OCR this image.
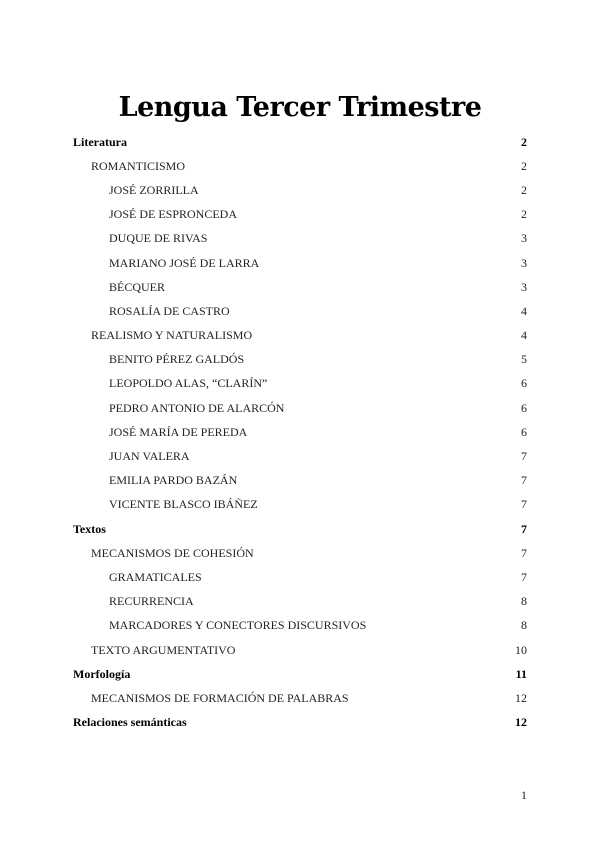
Lengua Tercer Trimestre
Literatura	2
ROMANTICISMO	2
JOSÉ ZORRILLA	2
JOSÉ DE ESPRONCEDA	2
DUQUE DE RIVAS	3
MARIANO JOSÉ DE LARRA	3
BÉCQUER	3
ROSALÍA DE CASTRO	4
REALISMO Y NATURALISMO	4
BENITO PÉREZ GALDÓS	5
LEOPOLDO ALAS, “CLARÍN”	6
PEDRO ANTONIO DE ALARCÓN	6
JOSÉ MARÍA DE PEREDA	6
JUAN VALERA	7
EMILIA PARDO BAZÁN	7
VICENTE BLASCO IBÁÑEZ	7
Textos	7
MECANISMOS DE COHESIÓN	7
GRAMATICALES	7
RECURRENCIA	8
MARCADORES Y CONECTORES DISCURSIVOS	8
TEXTO ARGUMENTATIVO	10
Morfología	11
MECANISMOS DE FORMACIÓN DE PALABRAS	12
Relaciones semánticas	12
1
